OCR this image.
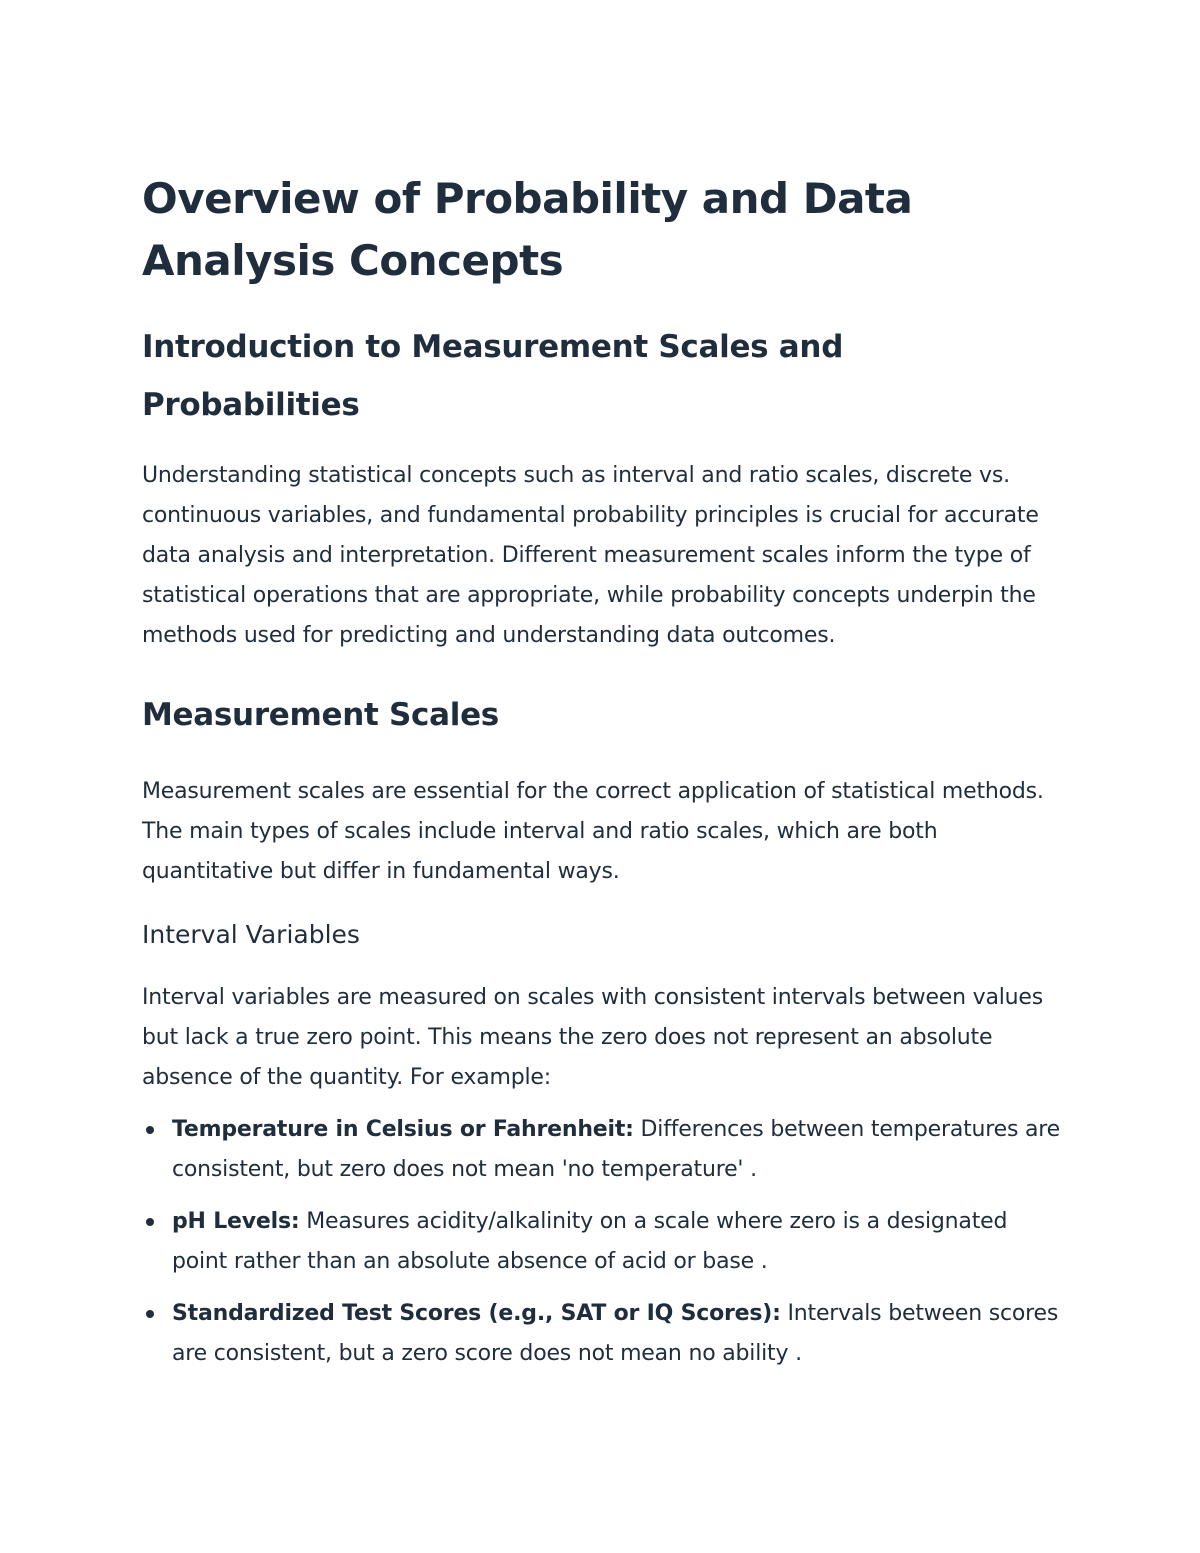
Overview of Probability and Data Analysis Concepts
Introduction to Measurement Scales and Probabilities

Understanding statistical concepts such as interval and ratio scales, discrete vs. continuous variables, and fundamental probability principles is crucial for accurate data analysis and interpretation. Different measurement scales inform the type of statistical operations that are appropriate, while probability concepts underpin the methods used for predicting and understanding data outcomes.

Measurement Scales

Measurement scales are essential for the correct application of statistical methods. The main types of scales include interval and ratio scales, which are both quantitative but differ in fundamental ways.

Interval Variables

Interval variables are measured on scales with consistent intervals between values but lack a true zero point. This means the zero does not represent an absolute absence of the quantity. For example:

Temperature in Celsius or Fahrenheit: Differences between temperatures are consistent, but zero does not mean 'no temperature' .
pH Levels: Measures acidity/alkalinity on a scale where zero is a designated point rather than an absolute absence of acid or base .
Standardized Test Scores (e.g., SAT or IQ Scores): Intervals between scores are consistent, but a zero score does not mean no ability .
